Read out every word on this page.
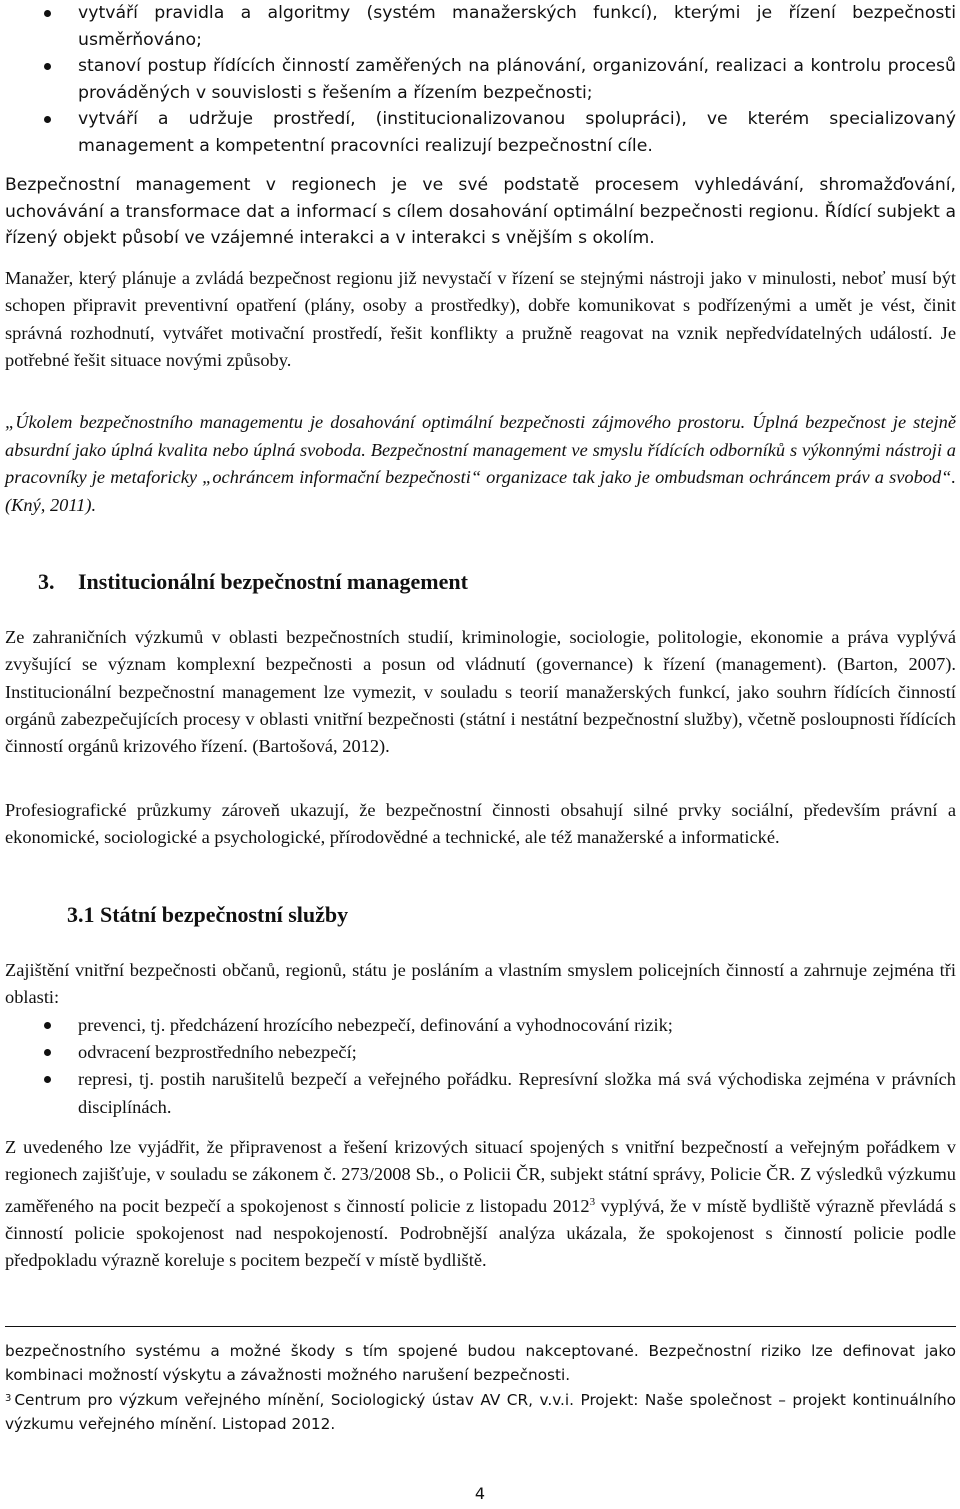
vytváří pravidla a algoritmy (systém manažerských funkcí), kterými je řízení bezpečnosti usměrňováno;
stanoví postup řídících činností zaměřených na plánování, organizování, realizaci a kontrolu procesů prováděných v souvislosti s řešením a řízením bezpečnosti;
vytváří a udržuje prostředí, (institucionalizovanou spolupráci), ve kterém specializovaný management a kompetentní pracovníci realizují bezpečnostní cíle.

Bezpečnostní management v regionech je ve své podstatě procesem vyhledávání, shromažďování, uchovávání a transformace dat a informací s cílem dosahování optimální bezpečnosti regionu. Řídící subjekt a řízený objekt působí ve vzájemné interakci a v interakci s vnějším s okolím.

Manažer, který plánuje a zvládá bezpečnost regionu již nevystačí v řízení se stejnými nástroji jako v minulosti, neboť musí být schopen připravit preventivní opatření (plány, osoby a prostředky), dobře komunikovat s podřízenými a umět je vést, činit správná rozhodnutí, vytvářet motivační prostředí, řešit konflikty a pružně reagovat na vznik nepředvídatelných událostí. Je potřebné řešit situace novými způsoby.

„Úkolem bezpečnostního managementu je dosahování optimální bezpečnosti zájmového prostoru. Úplná bezpečnost je stejně absurdní jako úplná kvalita nebo úplná svoboda. Bezpečnostní management ve smyslu řídících odborníků s výkonnými nástroji a pracovníky je metaforicky „ochráncem informační bezpečnosti“ organizace tak jako je ombudsman ochráncem práv a svobod“. (Kný, 2011).

3. Institucionální bezpečnostní management

Ze zahraničních výzkumů v oblasti bezpečnostních studií, kriminologie, sociologie, politologie, ekonomie a práva vyplývá zvyšující se význam komplexní bezpečnosti a posun od vládnutí (governance) k řízení (management). (Barton, 2007). Institucionální bezpečnostní management lze vymezit, v souladu s teorií manažerských funkcí, jako souhrn řídících činností orgánů zabezpečujících procesy v oblasti vnitřní bezpečnosti (státní i nestátní bezpečnostní služby), včetně posloupnosti řídících činností orgánů krizového řízení. (Bartošová, 2012).

Profesiografické průzkumy zároveň ukazují, že bezpečnostní činnosti obsahují silné prvky sociální, především právní a ekonomické, sociologické a psychologické, přírodovědné a technické, ale též manažerské a informatické.

3.1 Státní bezpečnostní služby

Zajištění vnitřní bezpečnosti občanů, regionů, státu je posláním a vlastním smyslem policejních činností a zahrnuje zejména tři oblasti:

prevenci, tj. předcházení hrozícího nebezpečí, definování a vyhodnocování rizik;
odvracení bezprostředního nebezpečí;
represi, tj. postih narušitelů bezpečí a veřejného pořádku. Represívní složka má svá východiska zejména v právních disciplínách.

Z uvedeného lze vyjádřit, že připravenost a řešení krizových situací spojených s vnitřní bezpečností a veřejným pořádkem v regionech zajišťuje, v souladu se zákonem č. 273/2008 Sb., o Policii ČR, subjekt státní správy, Policie ČR. Z výsledků výzkumu zaměřeného na pocit bezpečí a spokojenost s činností policie z listopadu 2012$^3$ vyplývá, že v místě bydliště výrazně převládá s činností policie spokojenost nad nespokojeností. Podrobnější analýza ukázala, že spokojenost s činností policie podle předpokladu výrazně koreluje s pocitem bezpečí v místě bydliště.

bezpečnostního systému a možné škody s tím spojené budou nakceptované. Bezpečnostní riziko lze definovat jako kombinaci možností výskytu a závažnosti možného narušení bezpečnosti.

$^3$ Centrum pro výzkum veřejného mínění, Sociologický ústav AV CR, v.v.i. Projekt: Naše společnost – projekt kontinuálního výzkumu veřejného mínění. Listopad 2012.

4
